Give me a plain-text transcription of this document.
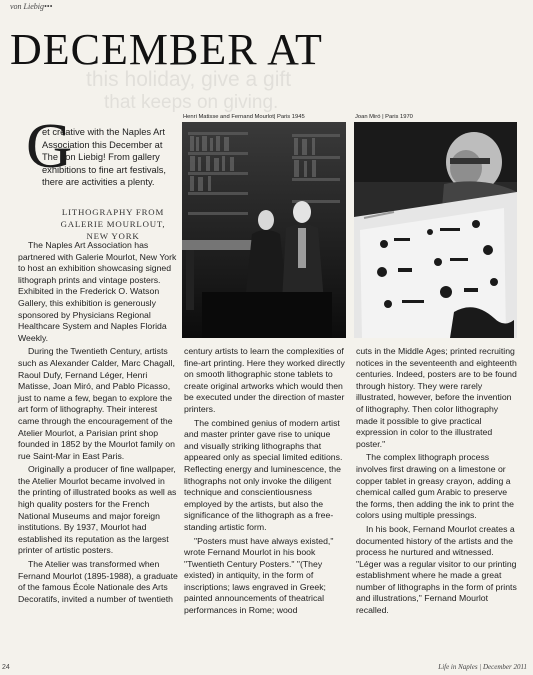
this holiday, give a gift
that keeps on giving.
von Liebig•••
DECEMBER AT
Henri Matisse and Fernand Mourlot| Paris 1945	Joan Miró | Paris 1970
G
et creative with the Naples Art Association this December at The von Liebig! From gallery exhibitions to fine art festivals, there are activities a plenty.
LITHOGRAPHY FROM GALERIE MOURLOUT, NEW YORK

The Naples Art Association has partnered with Galerie Mourlot, New York to host an exhibition showcasing signed lithograph prints and vintage posters. Exhibited in the Frederick O. Watson Gallery, this exhibition is generously sponsored by Physicians Regional Healthcare System and Naples Florida Weekly.

During the Twentieth Century, artists such as Alexander Calder, Marc Chagall, Raoul Dufy, Fernand Léger, Henri Matisse, Joan Miró, and Pablo Picasso, just to name a few, began to explore the art form of lithography. Their interest came through the encouragement of the Atelier Mourlot, a Parisian print shop founded in 1852 by the Mourlot family on rue Saint-Mar in East Paris.

Originally a producer of fine wallpaper, the Atelier Mourlot became involved in the printing of illustrated books as well as high quality posters for the French National Museums and major foreign institutions. By 1937, Mourlot had established its reputation as the largest printer of artistic posters.

The Atelier was transformed when Fernand Mourlot (1895-1988), a graduate of the famous École Nationale des Arts Decoratifs, invited a number of twentieth

century artists to learn the complexities of fine-art printing. Here they worked directly on smooth lithographic stone tablets to create original artworks which would then be executed under the direction of master printers.

The combined genius of modern artist and master printer gave rise to unique and visually striking lithographs that appeared only as special limited editions. Reflecting energy and luminescence, the lithographs not only invoke the diligent technique and conscientiousness employed by the artists, but also the significance of the lithograph as a free-standing artistic form.

"Posters must have always existed," wrote Fernand Mourlot in his book "Twentieth Century Posters." "(They existed) in antiquity, in the form of inscriptions; laws engraved in Greek; painted announcements of theatrical performances in Rome; wood

cuts in the Middle Ages; printed recruiting notices in the seventeenth and eighteenth centuries. Indeed, posters are to be found through history. They were rarely illustrated, however, before the invention of lithography. Then color lithography made it possible to give practical expression in color to the illustrated poster."

The complex lithograph process involves first drawing on a limestone or copper tablet in greasy crayon, adding a chemical called gum Arabic to preserve the forms, then adding the ink to print the colors using multiple pressings.

In his book, Fernand Mourlot creates a documented history of the artists and the process he nurtured and witnessed. "Léger was a regular visitor to our printing establishment where he made a great number of lithographs in the form of prints and illustrations," Fernand Mourlot recalled.

24	Life in Naples | December 2011
